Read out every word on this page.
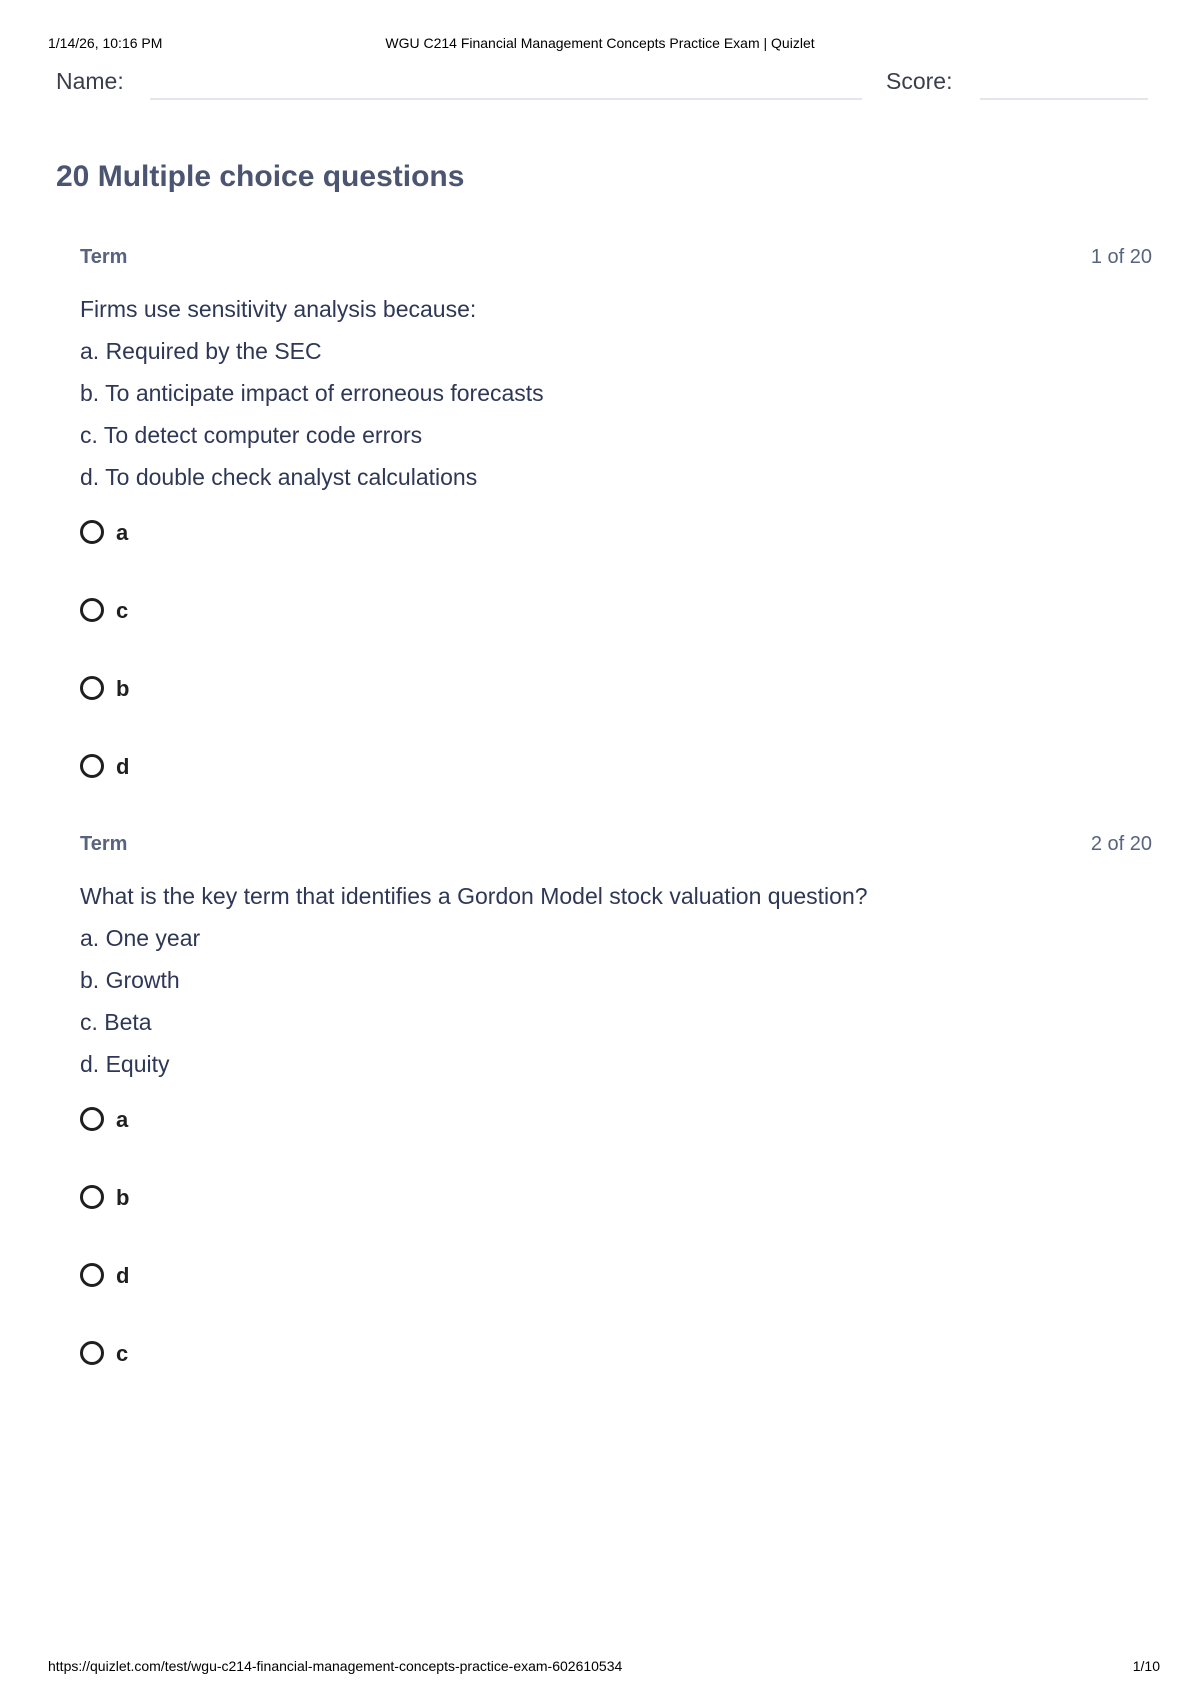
1/14/26, 10:16 PM	WGU C214 Financial Management Concepts Practice Exam | Quizlet
Name:	Score:
20 Multiple choice questions
Term	1 of 20
Firms use sensitivity analysis because:
a. Required by the SEC
b. To anticipate impact of erroneous forecasts
c. To detect computer code errors
d. To double check analyst calculations
a
c
b
d
Term	2 of 20
What is the key term that identifies a Gordon Model stock valuation question?
a. One year
b. Growth
c. Beta
d. Equity
a
b
d
c
https://quizlet.com/test/wgu-c214-financial-management-concepts-practice-exam-602610534	1/10
